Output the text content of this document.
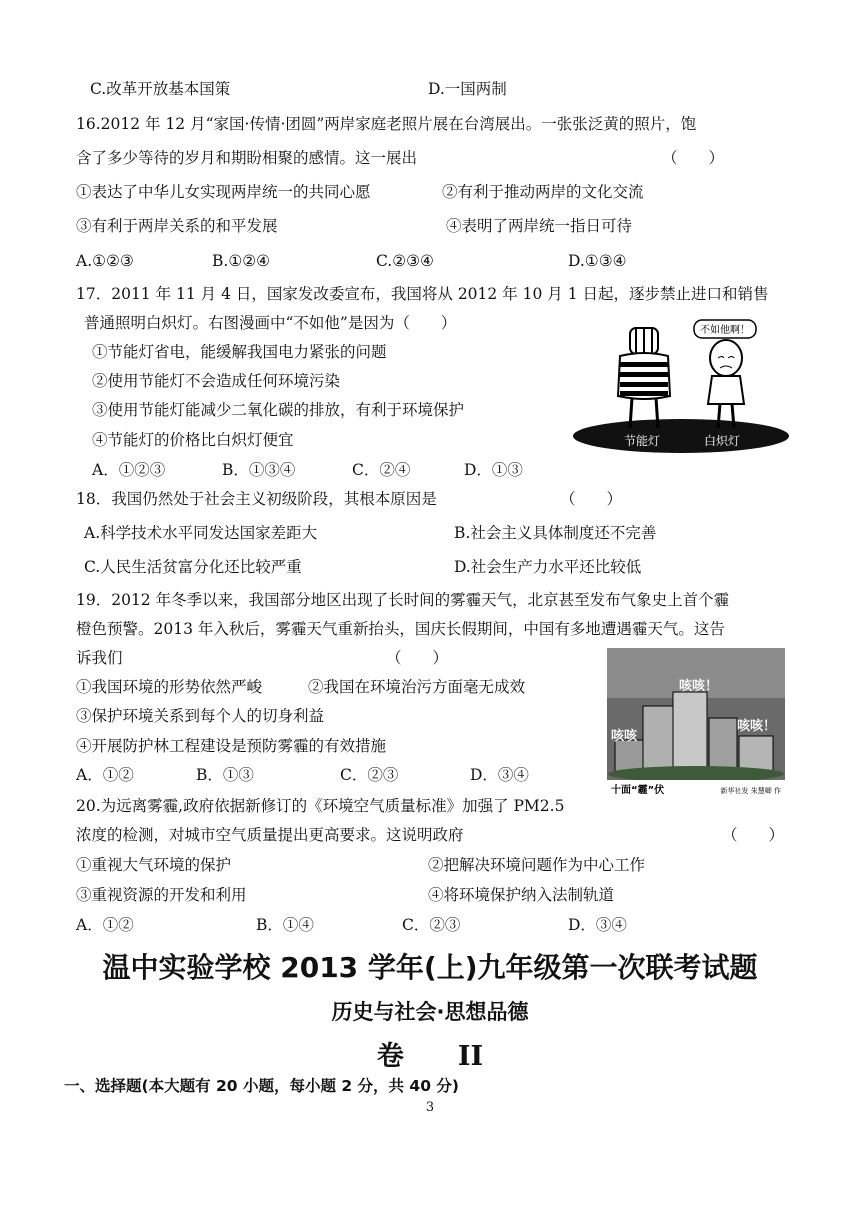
C.改革开放基本国策	D.一国两制
16.2012 年 12 月“家国·传情·团圆”两岸家庭老照片展在台湾展出。一张张泛黄的照片，饱
含了多少等待的岁月和期盼相聚的感情。这一展出	（　　）
①表达了中华儿女实现两岸统一的共同心愿	②有利于推动两岸的文化交流
③有利于两岸关系的和平发展	④表明了两岸统一指日可待
A.①②③	B.①②④	C.②③④	D.①③④
17．2011 年 11 月 4 日，国家发改委宣布，我国将从 2012 年 10 月 1 日起，逐步禁止进口和销售
普通照明白炽灯。右图漫画中“不如他”是因为（　　）
①节能灯省电，能缓解我国电力紧张的问题
②使用节能灯不会造成任何环境污染
③使用节能灯能减少二氧化碳的排放，有利于环境保护
④节能灯的价格比白炽灯便宜
A．①②③	B．①③④	C．②④	D．①③
不如他啊！
节能灯	白炽灯
18．我国仍然处于社会主义初级阶段，其根本原因是	（　　）
A.科学技术水平同发达国家差距大	B.社会主义具体制度还不完善
C.人民生活贫富分化还比较严重	D.社会生产力水平还比较低
19．2012 年冬季以来，我国部分地区出现了长时间的雾霾天气，北京甚至发布气象史上首个霾
橙色预警。2013 年入秋后，雾霾天气重新抬头，国庆长假期间，中国有多地遭遇霾天气。这告
诉我们	（　　）
①我国环境的形势依然严峻	②我国在环境治污方面毫无成效
③保护环境关系到每个人的切身利益
④开展防护林工程建设是预防雾霾的有效措施
A．①②	B．①③	C．②③	D．③④
咳咳！
咳咳
咳咳！
十面“霾”伏	新华社发 朱慧卿 作
20.为远离雾霾,政府依据新修订的《环境空气质量标准》加强了 PM2.5
浓度的检测，对城市空气质量提出更高要求。这说明政府	（　　）
①重视大气环境的保护	②把解决环境问题作为中心工作
③重视资源的开发和利用	④将环境保护纳入法制轨道
A．①②	B．①④	C．②③	D．③④
温中实验学校 2013 学年(上)九年级第一次联考试题
历史与社会·思想品德
卷　　II
一、选择题(本大题有 20 小题，每小题 2 分，共 40 分)
3
